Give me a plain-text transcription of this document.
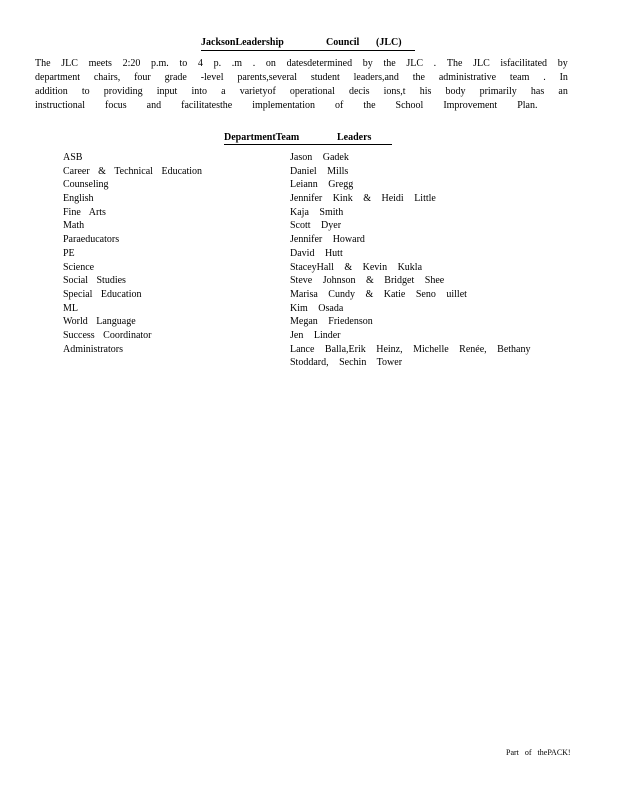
JacksonLeadership	Council (JLC)
The JLC meets 2:20 p.m. to 4 p. .m . on datesdetermined by the JLC . The JLC isfacilitated by
department chairs, four grade -level parents,several student leaders,and the administrative team . In
addition to providing input into a varietyof operational decis ions,t his body primarily has an
instructional focus and facilitatesthe implementation of the School Improvement Plan.
DepartmentTeam	Leaders
ASB	Jason Gadek
Career & Technical Education	Daniel Mills
Counseling	Leiann Gregg
English	Jennifer Kink & Heidi Little
Fine Arts	Kaja Smith
Math	Scott Dyer
Paraeducators	Jennifer Howard
PE	David Hutt
Science	StaceyHall & Kevin Kukla
Social Studies	Steve Johnson & Bridget Shee
Special Education	Marisa Cundy & Katie Seno uillet
ML	Kim Osada
World Language	Megan Friedenson
Success Coordinator	Jen Linder
Administrators	Lance Balla,Erik Heinz, Michelle Renée, Bethany Stoddard, Sechin Tower
Part of thePACK!
